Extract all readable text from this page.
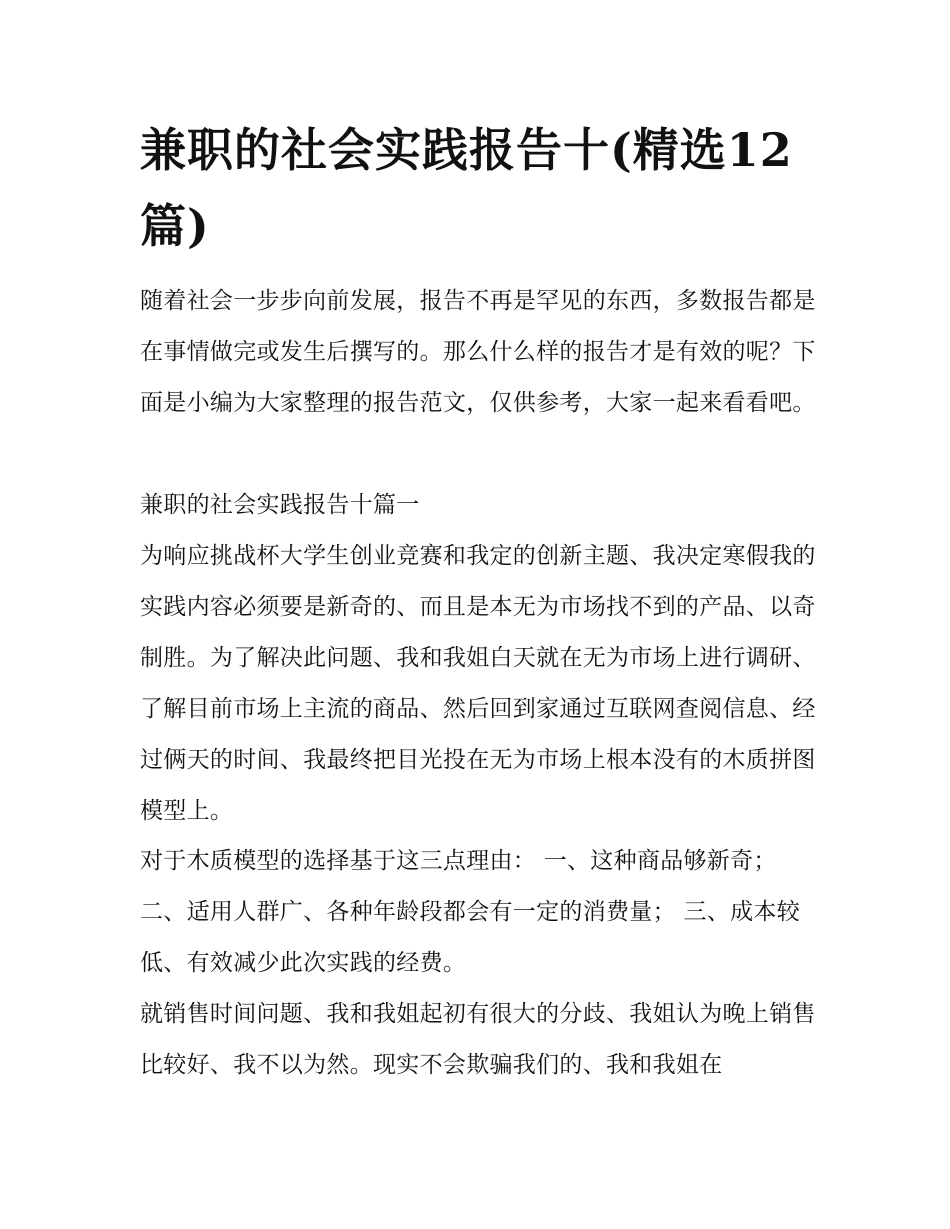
兼职的社会实践报告十(精选12篇)

随着社会一步步向前发展，报告不再是罕见的东西，多数报告都是在事情做完或发生后撰写的。那么什么样的报告才是有效的呢？下面是小编为大家整理的报告范文，仅供参考，大家一起来看看吧。

兼职的社会实践报告十篇一

为响应挑战杯大学生创业竞赛和我定的创新主题、我决定寒假我的实践内容必须要是新奇的、而且是本无为市场找不到的产品、以奇制胜。为了解决此问题、我和我姐白天就在无为市场上进行调研、了解目前市场上主流的商品、然后回到家通过互联网查阅信息、经过俩天的时间、我最终把目光投在无为市场上根本没有的木质拼图模型上。

对于木质模型的选择基于这三点理由： 一、这种商品够新奇； 二、适用人群广、各种年龄段都会有一定的消费量； 三、成本较低、有效减少此次实践的经费。

就销售时间问题、我和我姐起初有很大的分歧、我姐认为晚上销售比较好、我不以为然。现实不会欺骗我们的、我和我姐在
